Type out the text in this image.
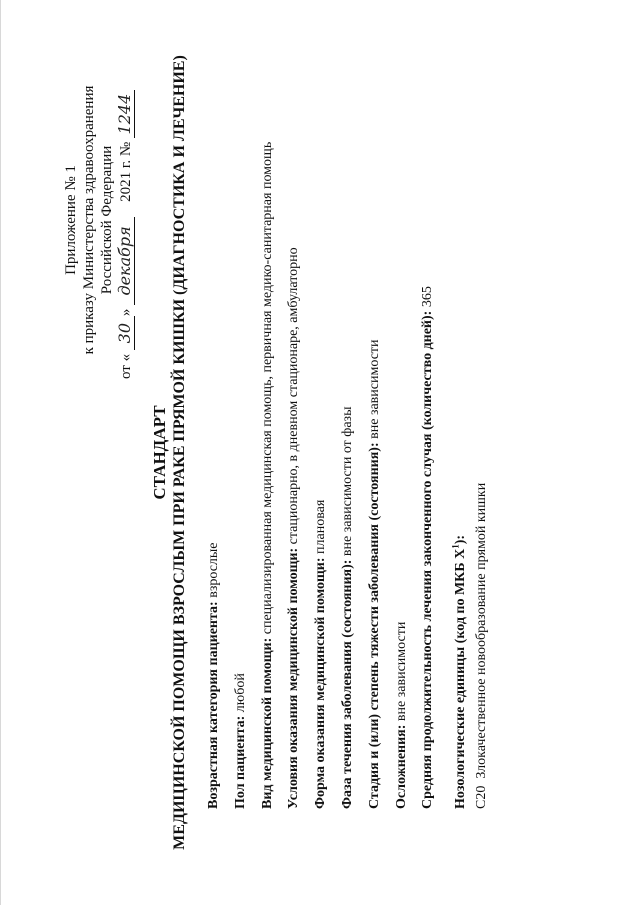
Приложение № 1 к приказу Министерства здравоохранения Российской Федерации
от « 30» декабря    2021 г. № 1244
СТАНДАРТ МЕДИЦИНСКОЙ ПОМОЩИ ВЗРОСЛЫМ ПРИ РАКЕ ПРЯМОЙ КИШКИ (ДИАГНОСТИКА И ЛЕЧЕНИЕ) Возрастная категория пациента: взрослые
Пол пациента: любой Вид медицинской помощи: специализированная медицинская помощь, первичная медико-санитарная помощь
Условия оказания медицинской помощи: стационарно, в дневном стационаре, амбулаторно
Форма оказания медицинской помощи: плановая
Фаза течения заболевания (состояния): вне зависимости от фазы Стадия и (или) степень тяжести заболевания (состояния): вне зависимости
Осложнения: вне зависимости Средняя продолжительность лечения законченного случая (количество дней): 365
Нозологические единицы (код по МКБ $X^1$):
C20  Злокачественное новообразование прямой кишки
